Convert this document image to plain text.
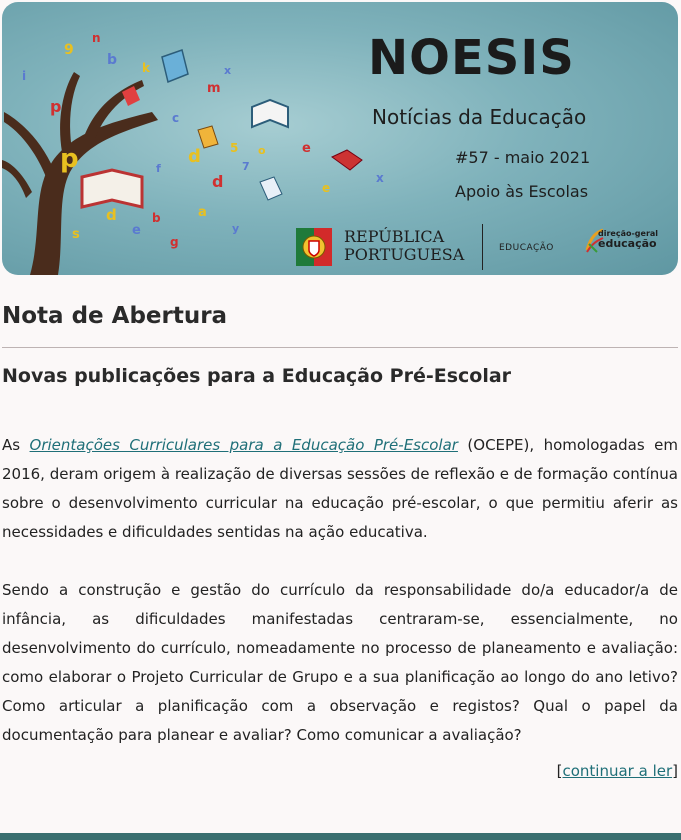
9
n
b k
m
x
p
p
c
d
d
f
5
7
e
x
e
d
e
b	a
y
s	g
o
i	NOESIS
Notícias da Educação
#57 - maio 2021
Apoio às Escolas
REPÚBLICA
PORTUGUESA	EDUCAÇÃO
direção-geral
educação
Nota de Abertura
Novas publicações para a Educação Pré-Escolar

As Orientações Curriculares para a Educação Pré-Escolar (OCEPE), homologadas em 2016, deram origem à realização de diversas sessões de reflexão e de formação contínua sobre o desenvolvimento curricular na educação pré-escolar, o que permitiu aferir as necessidades e dificuldades sentidas na ação educativa.

Sendo a construção e gestão do currículo da responsabilidade do/a educador/a de infância, as dificuldades manifestadas centraram-se, essencialmente, no desenvolvimento do currículo, nomeadamente no processo de planeamento e avaliação: como elaborar o Projeto Curricular de Grupo e a sua planificação ao longo do ano letivo? Como articular a planificação com a observação e registos? Qual o papel da documentação para planear e avaliar? Como comunicar a avaliação?

[continuar a ler]
